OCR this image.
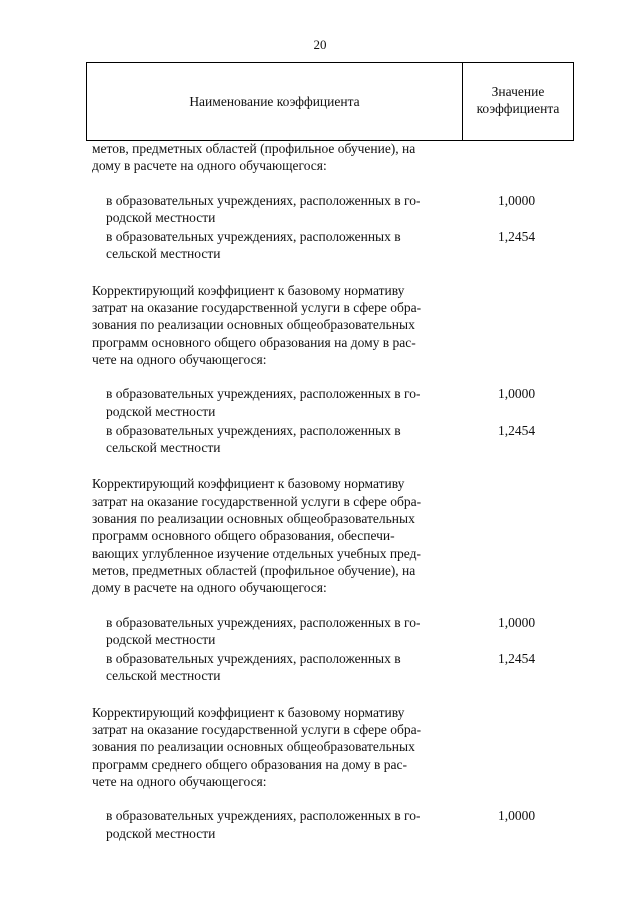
20
Наименование коэффициента
Значение
коэффициента
метов, предметных областей (профильное обучение), на
дому в расчете на одного обучающегося:
в образовательных учреждениях, расположенных в го-
родской местности
1,0000
в образовательных учреждениях, расположенных в
сельской местности
1,2454
Корректирующий коэффициент к базовому нормативу
затрат на оказание государственной услуги в сфере обра-
зования по реализации основных общеобразовательных
программ основного общего образования на дому в рас-
чете на одного обучающегося:
в образовательных учреждениях, расположенных в го-
родской местности
1,0000
в образовательных учреждениях, расположенных в
сельской местности
1,2454
Корректирующий коэффициент к базовому нормативу
затрат на оказание государственной услуги в сфере обра-
зования по реализации основных общеобразовательных
программ основного общего образования, обеспечи-
вающих углубленное изучение отдельных учебных пред-
метов, предметных областей (профильное обучение), на
дому в расчете на одного обучающегося:
в образовательных учреждениях, расположенных в го-
родской местности
1,0000
в образовательных учреждениях, расположенных в
сельской местности
1,2454
Корректирующий коэффициент к базовому нормативу
затрат на оказание государственной услуги в сфере обра-
зования по реализации основных общеобразовательных
программ среднего общего образования на дому в рас-
чете на одного обучающегося:
в образовательных учреждениях, расположенных в го-
родской местности
1,0000
